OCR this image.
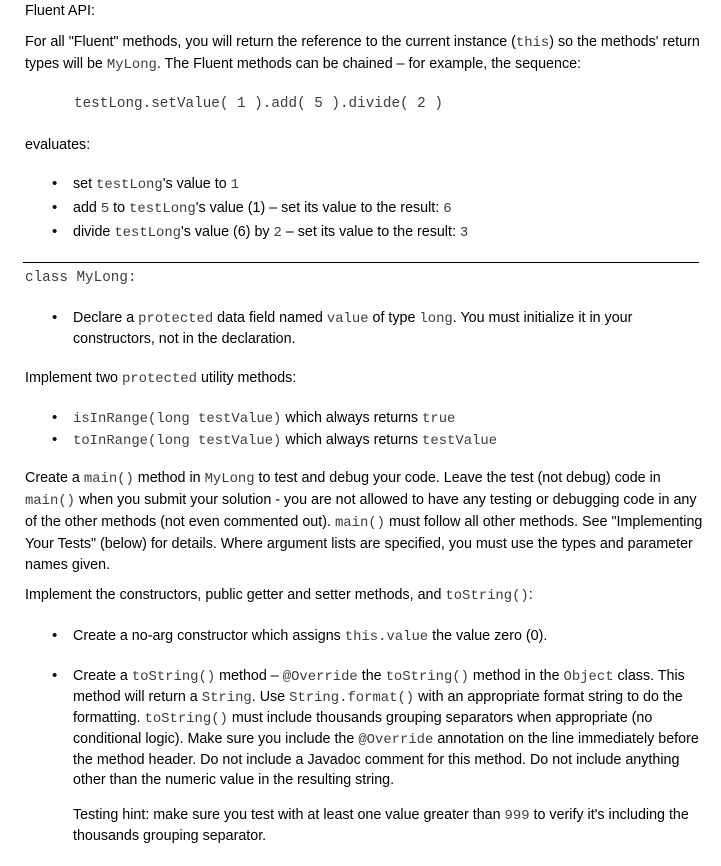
Fluent API:

For all "Fluent" methods, you will return the reference to the current instance (this) so the methods' return types will be MyLong. The Fluent methods can be chained – for example, the sequence:

testLong.setValue( 1 ).add( 5 ).divide( 2 )
evaluates:
• set testLong's value to 1
• add 5 to testLong's value (1) – set its value to the result: 6
• divide testLong's value (6) by 2 – set its value to the result: 3
class MyLong:
• Declare a protected data field named value of type long. You must initialize it in your constructors, not in the declaration.

Implement two protected utility methods:

• isInRange(long testValue) which always returns true
• toInRange(long testValue) which always returns testValue

Create a main() method in MyLong to test and debug your code. Leave the test (not debug) code in main() when you submit your solution - you are not allowed to have any testing or debugging code in any of the other methods (not even commented out). main() must follow all other methods. See "Implementing Your Tests" (below) for details. Where argument lists are specified, you must use the types and parameter names given.

Implement the constructors, public getter and setter methods, and toString():

• Create a no-arg constructor which assigns this.value the value zero (0).
• Create a toString() method – @Override the toString() method in the Object class. This method will return a String. Use String.format() with an appropriate format string to do the formatting. toString() must include thousands grouping separators when appropriate (no conditional logic). Make sure you include the @Override annotation on the line immediately before the method header. Do not include a Javadoc comment for this method. Do not include anything other than the numeric value in the resulting string.

Testing hint: make sure you test with at least one value greater than 999 to verify it's including the thousands grouping separator.
